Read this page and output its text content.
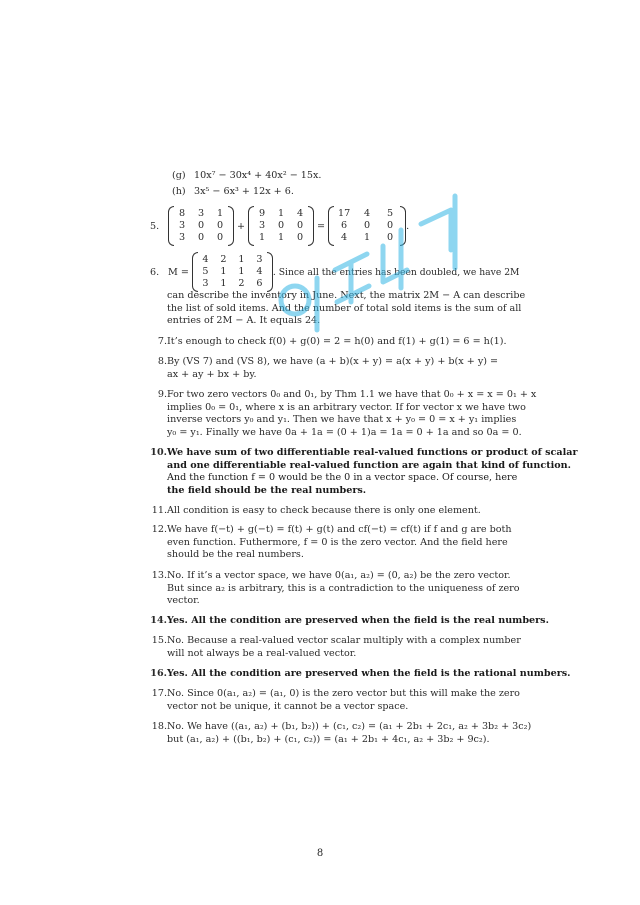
(g) 10x⁷ − 30x⁴ + 40x² − 15x.
(h) 3x⁵ − 6x³ + 12x + 6.
5.
8 3 1
3 0 0
3 0 0
+
9 1 4
3 0 0
1 1 0
=
17	4	5
6	0	0
4	1	0
.
6. M =
4 2 1 3
5 1 1 4
3 1 2 6
. Since all the entries has been doubled, we have 2M
can describe the inventory in June. Next, the matrix 2M − A can describe
the list of sold items. And the number of total sold items is the sum of all
entries of 2M − A. It equals 24.
7. It’s enough to check f(0) + g(0) = 2 = h(0) and f(1) + g(1) = 6 = h(1).
8. By (VS 7) and (VS 8), we have (a + b)(x + y) = a(x + y) + b(x + y) =
ax + ay + bx + by.
9. For two zero vectors 0₀ and 0₁, by Thm 1.1 we have that 0₀ + x = x = 0₁ + x
implies 0₀ = 0₁, where x is an arbitrary vector. If for vector x we have two
inverse vectors y₀ and y₁. Then we have that x + y₀ = 0 = x + y₁ implies
y₀ = y₁. Finally we have 0a + 1a = (0 + 1)a = 1a = 0 + 1a and so 0a = 0.
10. We have sum of two differentiable real-valued functions or product of scalar
and one differentiable real-valued function are again that kind of function.
And the function f = 0 would be the 0 in a vector space. Of course, here
the field should be the real numbers.
11. All condition is easy to check because there is only one element.
12. We have f(−t) + g(−t) = f(t) + g(t) and cf(−t) = cf(t) if f and g are both
even function. Futhermore, f = 0 is the zero vector. And the field here
should be the real numbers.
13. No. If it’s a vector space, we have 0(a₁, a₂) = (0, a₂) be the zero vector.
But since a₂ is arbitrary, this is a contradiction to the uniqueness of zero
vector.
14. Yes. All the condition are preserved when the field is the real numbers.
15. No. Because a real-valued vector scalar multiply with a complex number
will not always be a real-valued vector.
16. Yes. All the condition are preserved when the field is the rational numbers.
17. No. Since 0(a₁, a₂) = (a₁, 0) is the zero vector but this will make the zero
vector not be unique, it cannot be a vector space.
18. No. We have ((a₁, a₂) + (b₁, b₂)) + (c₁, c₂) = (a₁ + 2b₁ + 2c₁, a₂ + 3b₂ + 3c₂)
but (a₁, a₂) + ((b₁, b₂) + (c₁, c₂)) = (a₁ + 2b₁ + 4c₁, a₂ + 3b₂ + 9c₂).
8
